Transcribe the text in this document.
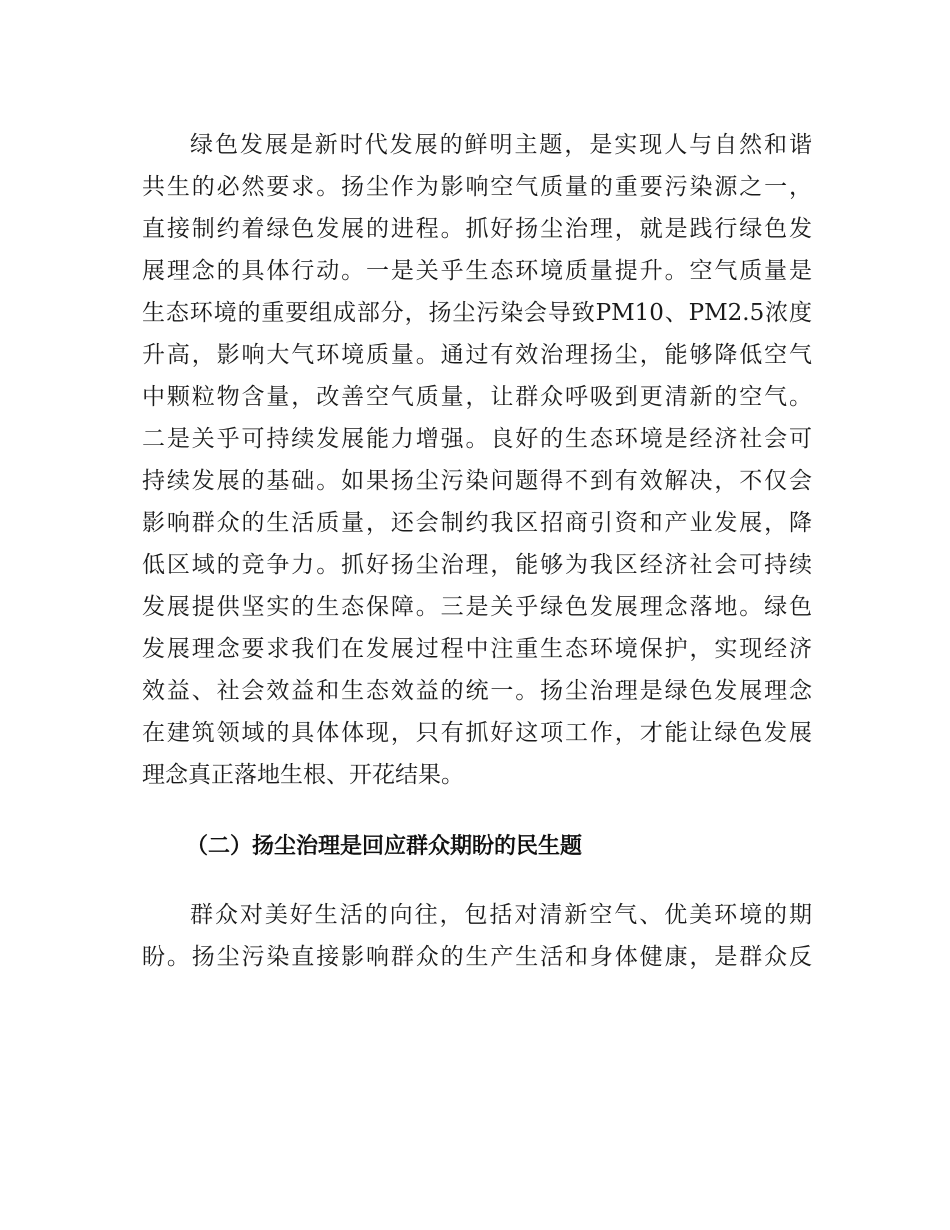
绿色发展是新时代发展的鲜明主题，是实现人与自然和谐
共生的必然要求。扬尘作为影响空气质量的重要污染源之一，
直接制约着绿色发展的进程。抓好扬尘治理，就是践行绿色发
展理念的具体行动。一是关乎生态环境质量提升。空气质量是
生态环境的重要组成部分，扬尘污染会导致PM10、PM2.5浓度
升高，影响大气环境质量。通过有效治理扬尘，能够降低空气
中颗粒物含量，改善空气质量，让群众呼吸到更清新的空气。
二是关乎可持续发展能力增强。良好的生态环境是经济社会可
持续发展的基础。如果扬尘污染问题得不到有效解决，不仅会
影响群众的生活质量，还会制约我区招商引资和产业发展，降
低区域的竞争力。抓好扬尘治理，能够为我区经济社会可持续
发展提供坚实的生态保障。三是关乎绿色发展理念落地。绿色
发展理念要求我们在发展过程中注重生态环境保护，实现经济
效益、社会效益和生态效益的统一。扬尘治理是绿色发展理念
在建筑领域的具体体现，只有抓好这项工作，才能让绿色发展
理念真正落地生根、开花结果。
（二）扬尘治理是回应群众期盼的民生题
群众对美好生活的向往，包括对清新空气、优美环境的期
盼。扬尘污染直接影响群众的生产生活和身体健康，是群众反
